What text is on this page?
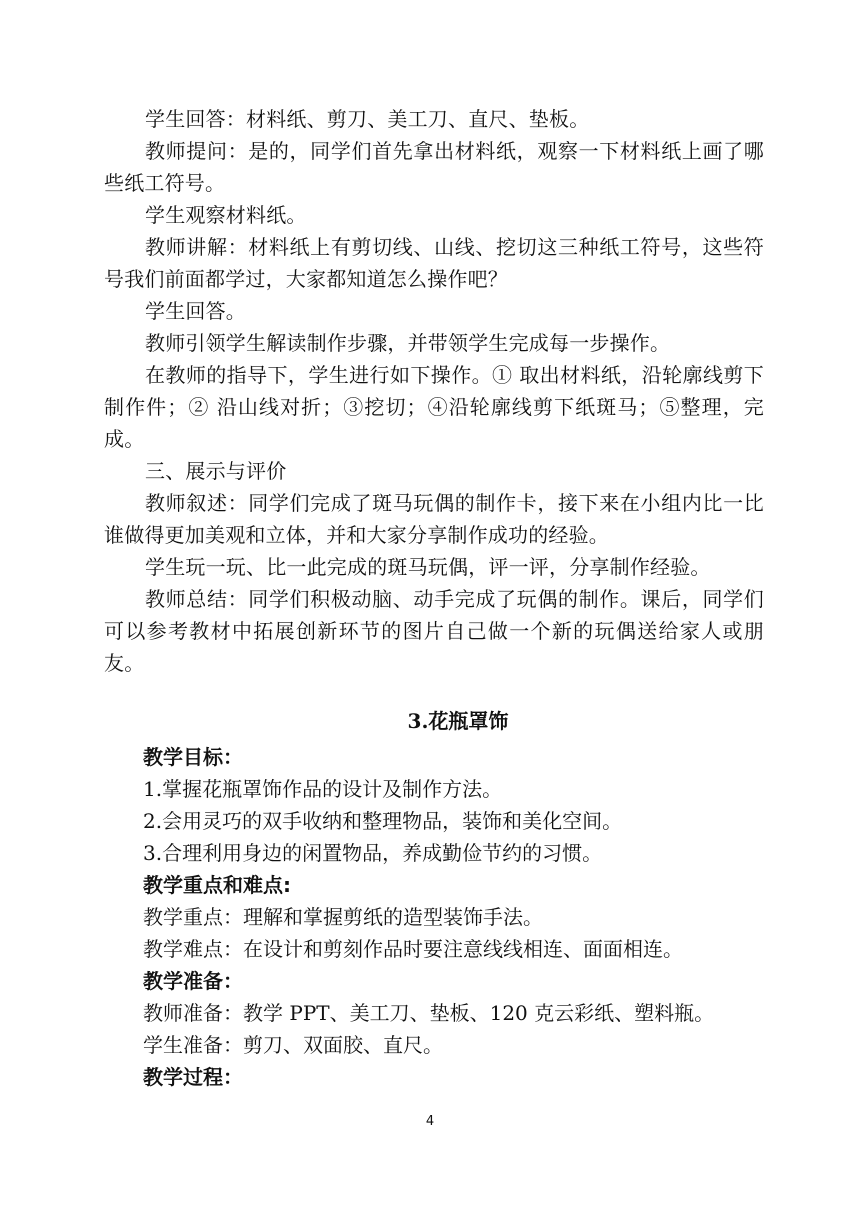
学生回答：材料纸、剪刀、美工刀、直尺、垫板。

教师提问：是的，同学们首先拿出材料纸，观察一下材料纸上画了哪些纸工符号。

学生观察材料纸。

教师讲解：材料纸上有剪切线、山线、挖切这三种纸工符号，这些符号我们前面都学过，大家都知道怎么操作吧？

学生回答。

教师引领学生解读制作步骤，并带领学生完成每一步操作。

在教师的指导下，学生进行如下操作。① 取出材料纸，沿轮廓线剪下制作件；② 沿山线对折；③挖切；④沿轮廓线剪下纸斑马；⑤整理，完成。

三、展示与评价

教师叙述：同学们完成了斑马玩偶的制作卡，接下来在小组内比一比谁做得更加美观和立体，并和大家分享制作成功的经验。

学生玩一玩、比一此完成的斑马玩偶，评一评，分享制作经验。

教师总结：同学们积极动脑、动手完成了玩偶的制作。课后，同学们可以参考教材中拓展创新环节的图片自己做一个新的玩偶送给家人或朋友。

3.花瓶罩饰

教学目标：

1.掌握花瓶罩饰作品的设计及制作方法。

2.会用灵巧的双手收纳和整理物品，装饰和美化空间。

3.合理利用身边的闲置物品，养成勤俭节约的习惯。

教学重点和难点:

教学重点：理解和掌握剪纸的造型装饰手法。

教学难点：在设计和剪刻作品时要注意线线相连、面面相连。

教学准备：

教师准备：教学 PPT、美工刀、垫板、120 克云彩纸、塑料瓶。

学生准备：剪刀、双面胶、直尺。

教学过程：

4
